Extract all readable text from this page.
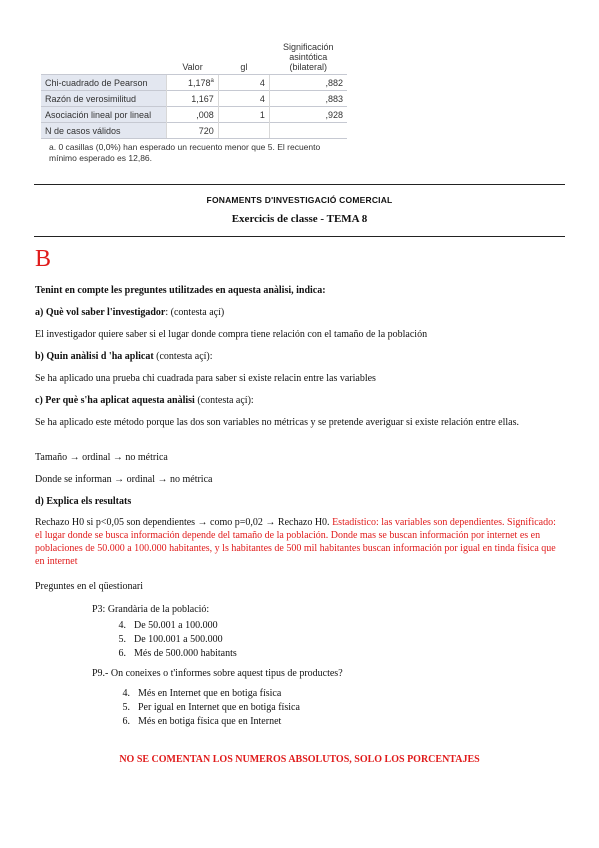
	Valor	gl	Significación asintótica (bilateral)
Chi-cuadrado de Pearson	1,178$^a$	4	,882
Razón de verosimilitud	1,167	4	,883
Asociación lineal por lineal	,008	1	,928
N de casos válidos	720		
a. 0 casillas (0,0%) han esperado un recuento menor que 5. El recuento mínimo esperado es 12,86.
FONAMENTS D'INVESTIGACIÓ COMERCIAL
Exercicis de classe - TEMA 8
B
Tenint en compte les preguntes utilitzades en aquesta anàlisi, indica:
a) Què vol saber l'investigador: (contesta açí)
El investigador quiere saber si el lugar donde compra tiene relación con el tamaño de la población
b) Quin anàlisi d 'ha aplicat (contesta açí):
Se ha aplicado una prueba chi cuadrada para saber si existe relacin entre las variables
c) Per què s'ha aplicat aquesta anàlisi (contesta açí):
Se ha aplicado este método porque las dos son variables no métricas y se pretende averiguar si existe relación entre ellas.
Tamaño → ordinal → no métrica
Donde se informan → ordinal → no métrica
d) Explica els resultats
Rechazo H0 si p<0,05 son dependientes → como p=0,02 → Rechazo H0. Estadístico: las variables son dependientes. Significado: el lugar donde se busca información depende del tamaño de la población. Donde mas se buscan información por internet es en poblaciones de 50.000 a 100.000 habitantes, y ls habitantes de 500 mil habitantes buscan información por igual en tinda física que en internet
Preguntes en el qüestionari
P3: Grandària de la població:
4. De 50.001 a 100.000
5. De 100.001 a 500.000
6. Més de 500.000 habitants
P9.- On coneixes o t'informes sobre aquest tipus de productes?
4. Més en Internet que en botiga física
5. Per igual en Internet que en botiga física
6. Més en botiga física que en Internet
NO SE COMENTAN LOS NUMEROS ABSOLUTOS, SOLO LOS PORCENTAJES
